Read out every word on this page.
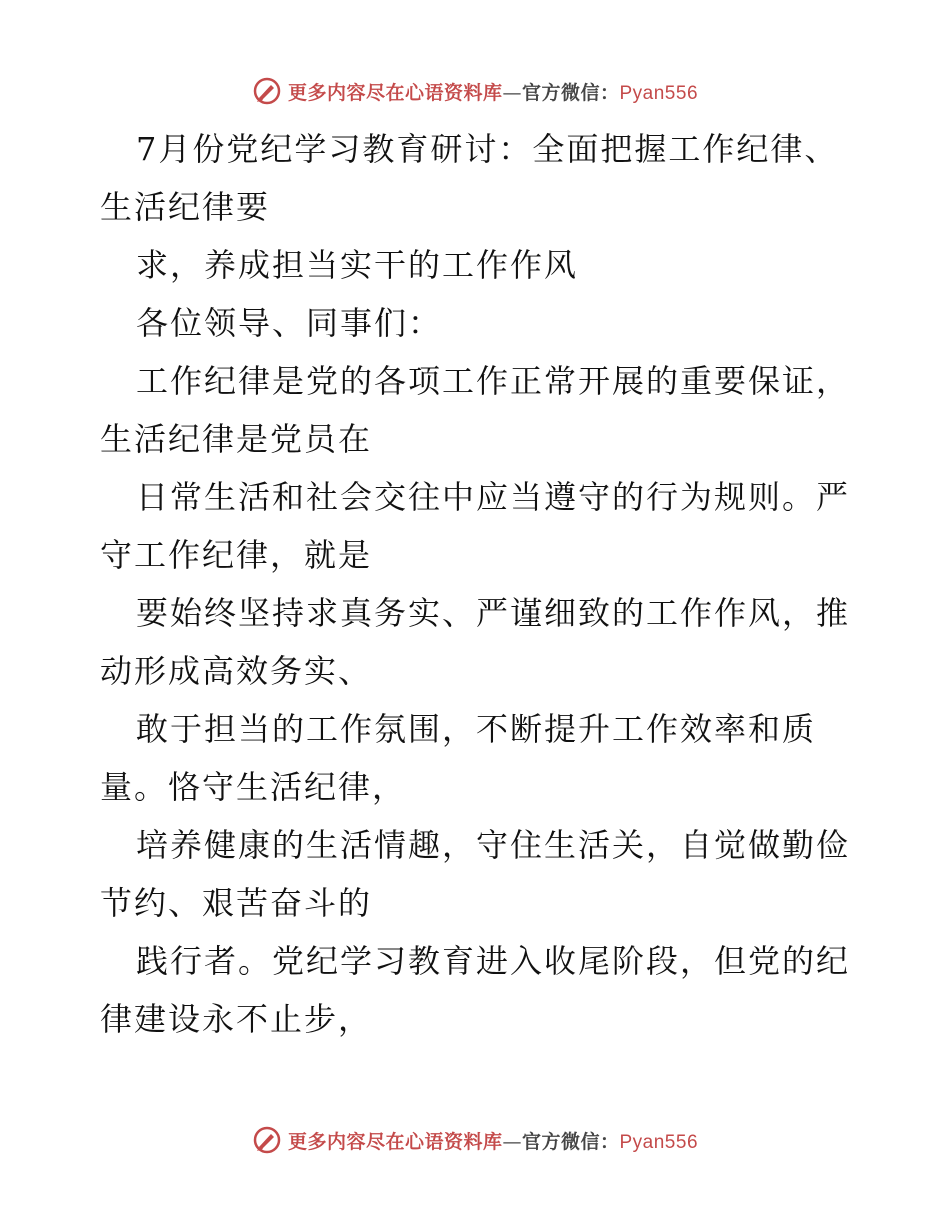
更多内容尽在心语资料库—官方微信：Pyan556
7月份党纪学习教育研讨：全面把握工作纪律、
生活纪律要
求，养成担当实干的工作作风
各位领导、同事们：
工作纪律是党的各项工作正常开展的重要保证，
生活纪律是党员在
日常生活和社会交往中应当遵守的行为规则。严
守工作纪律，就是
要始终坚持求真务实、严谨细致的工作作风，推
动形成高效务实、
敢于担当的工作氛围，不断提升工作效率和质
量。恪守生活纪律，
培养健康的生活情趣，守住生活关，自觉做勤俭
节约、艰苦奋斗的
践行者。党纪学习教育进入收尾阶段，但党的纪
律建设永不止步，
更多内容尽在心语资料库—官方微信：Pyan556
